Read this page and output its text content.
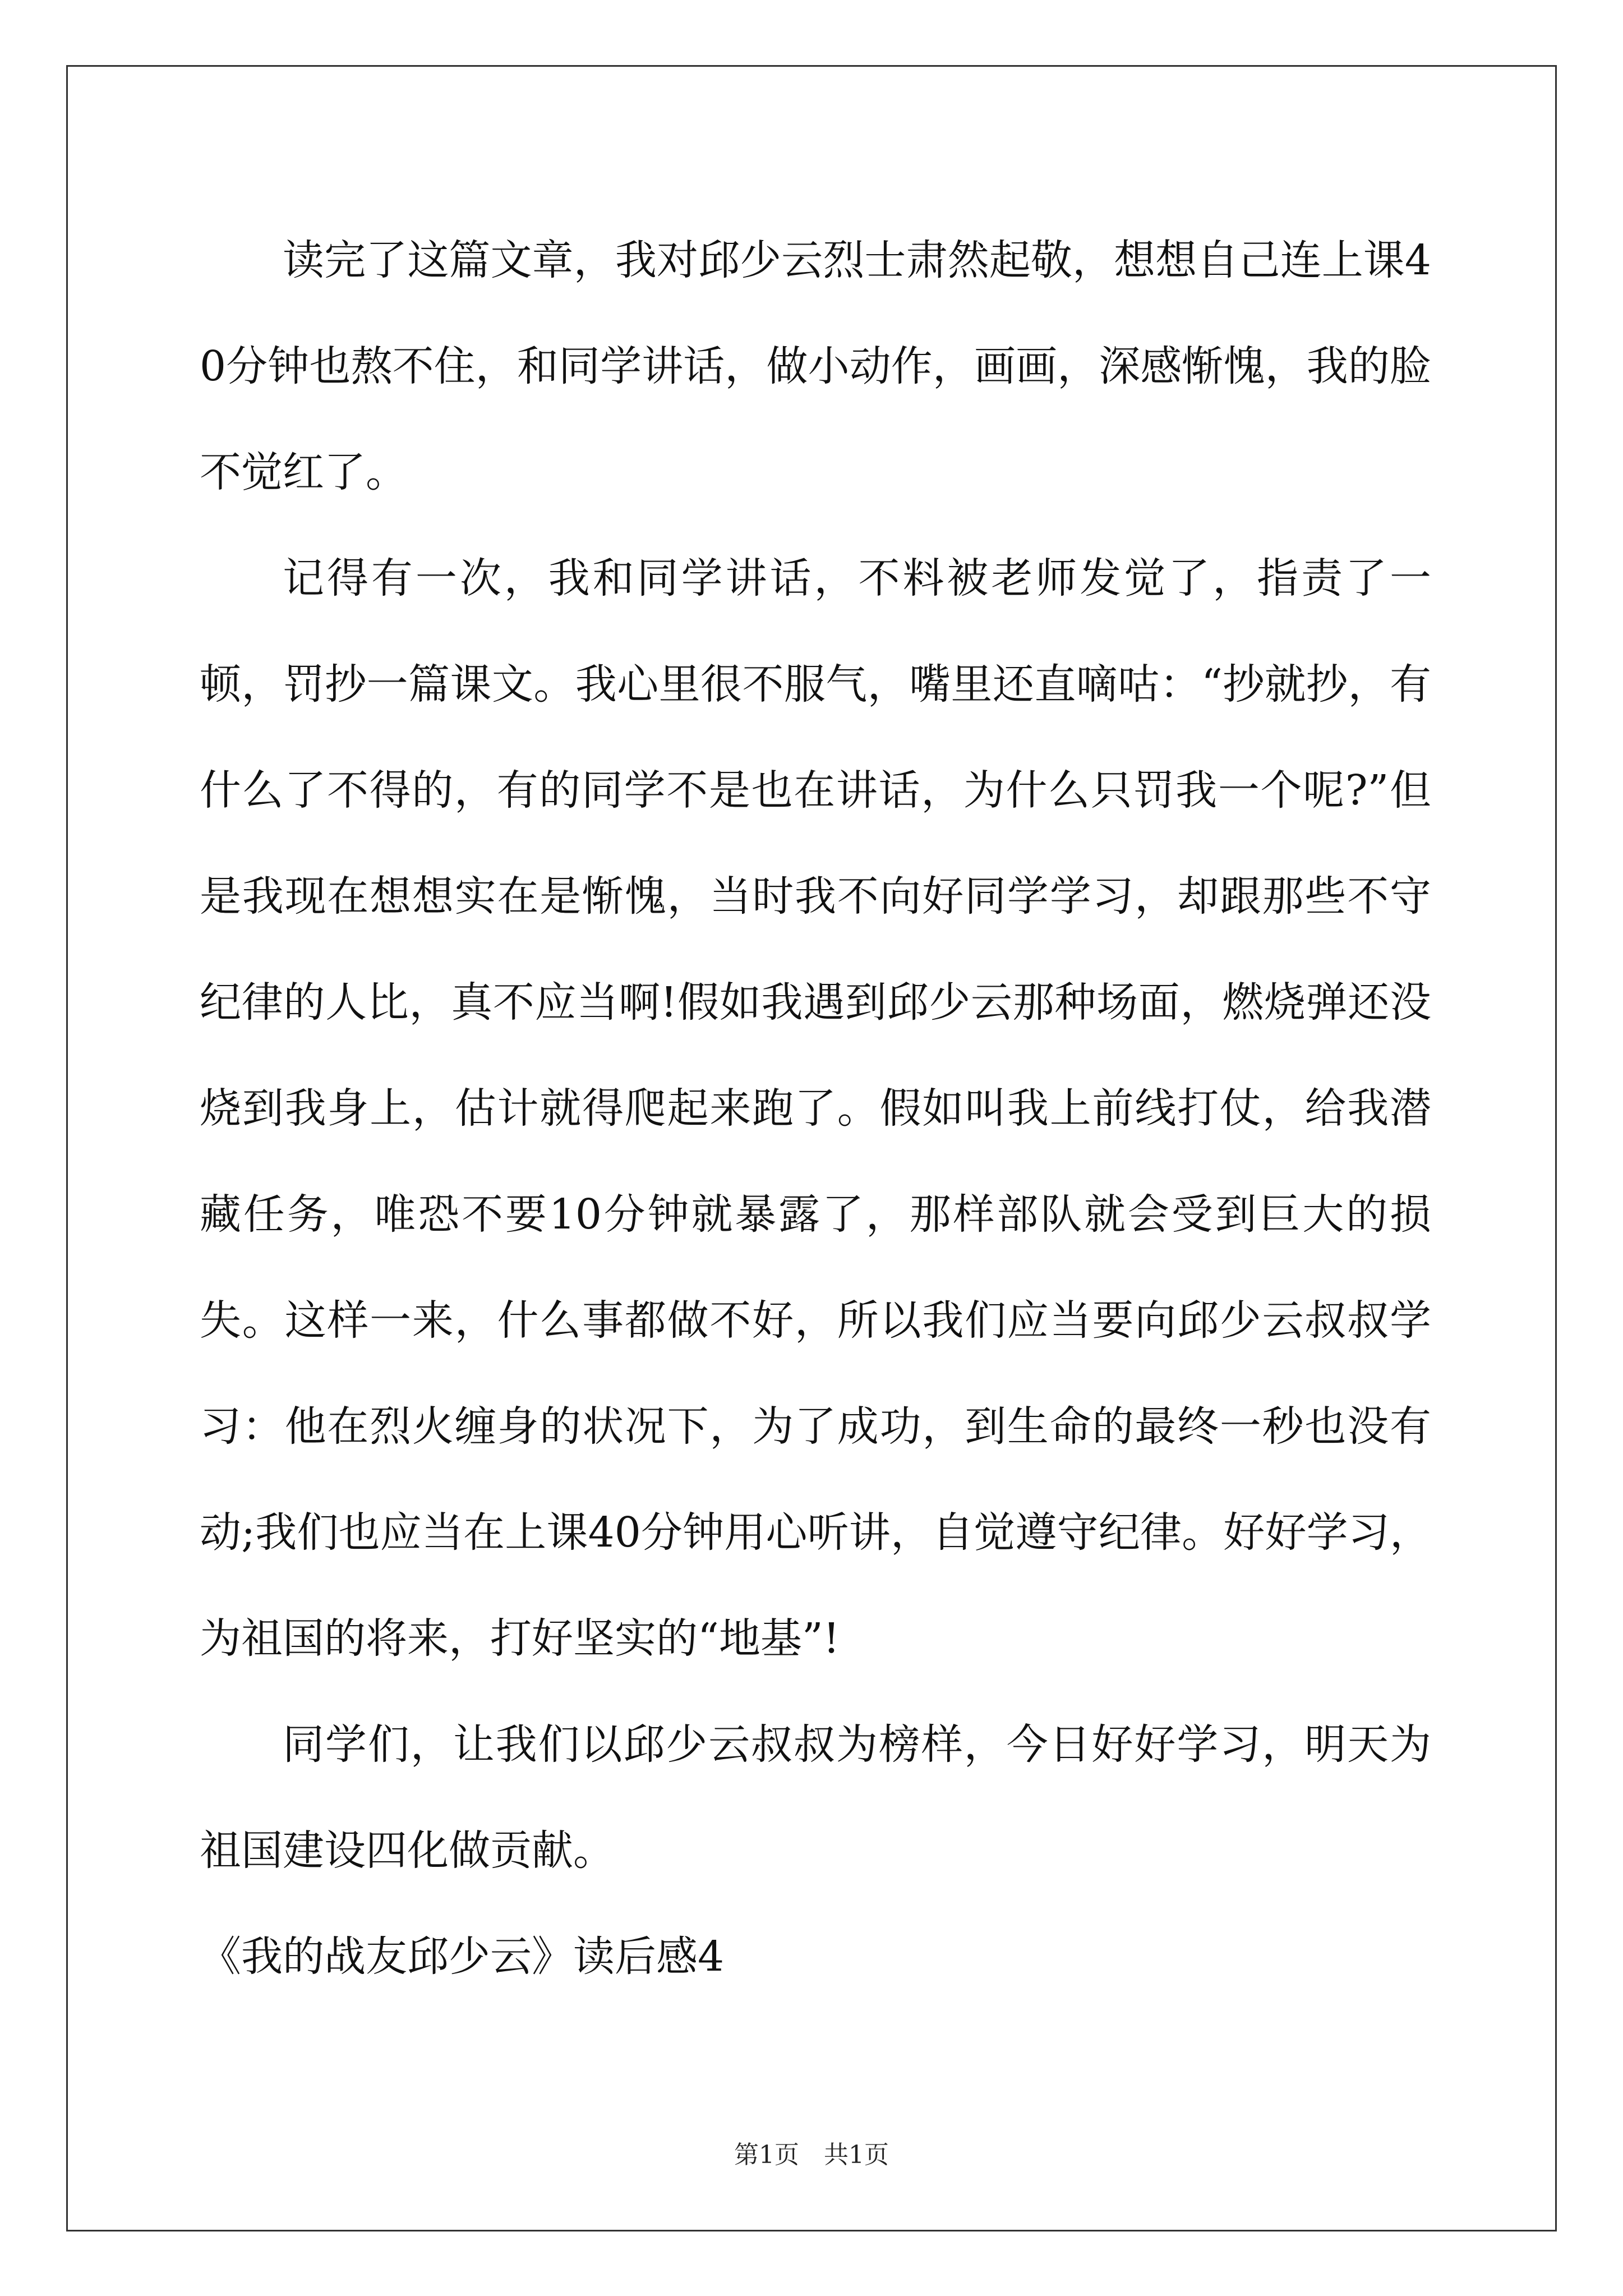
读完了这篇文章，我对邱少云烈士肃然起敬，想想自己连上课40分钟也熬不住，和同学讲话，做小动作，画画，深感惭愧，我的脸不觉红了。

记得有一次，我和同学讲话，不料被老师发觉了，指责了一顿，罚抄一篇课文。我心里很不服气，嘴里还直嘀咕：“抄就抄，有什么了不得的，有的同学不是也在讲话，为什么只罚我一个呢?”但是我现在想想实在是惭愧，当时我不向好同学学习，却跟那些不守纪律的人比，真不应当啊!假如我遇到邱少云那种场面，燃烧弹还没烧到我身上，估计就得爬起来跑了。假如叫我上前线打仗，给我潜藏任务，唯恐不要10分钟就暴露了，那样部队就会受到巨大的损失。这样一来，什么事都做不好，所以我们应当要向邱少云叔叔学习：他在烈火缠身的状况下，为了成功，到生命的最终一秒也没有动;我们也应当在上课40分钟用心听讲，自觉遵守纪律。好好学习，为祖国的将来，打好坚实的“地基”!

同学们，让我们以邱少云叔叔为榜样，今日好好学习，明天为祖国建设四化做贡献。

《我的战友邱少云》读后感4

第1页　共1页
